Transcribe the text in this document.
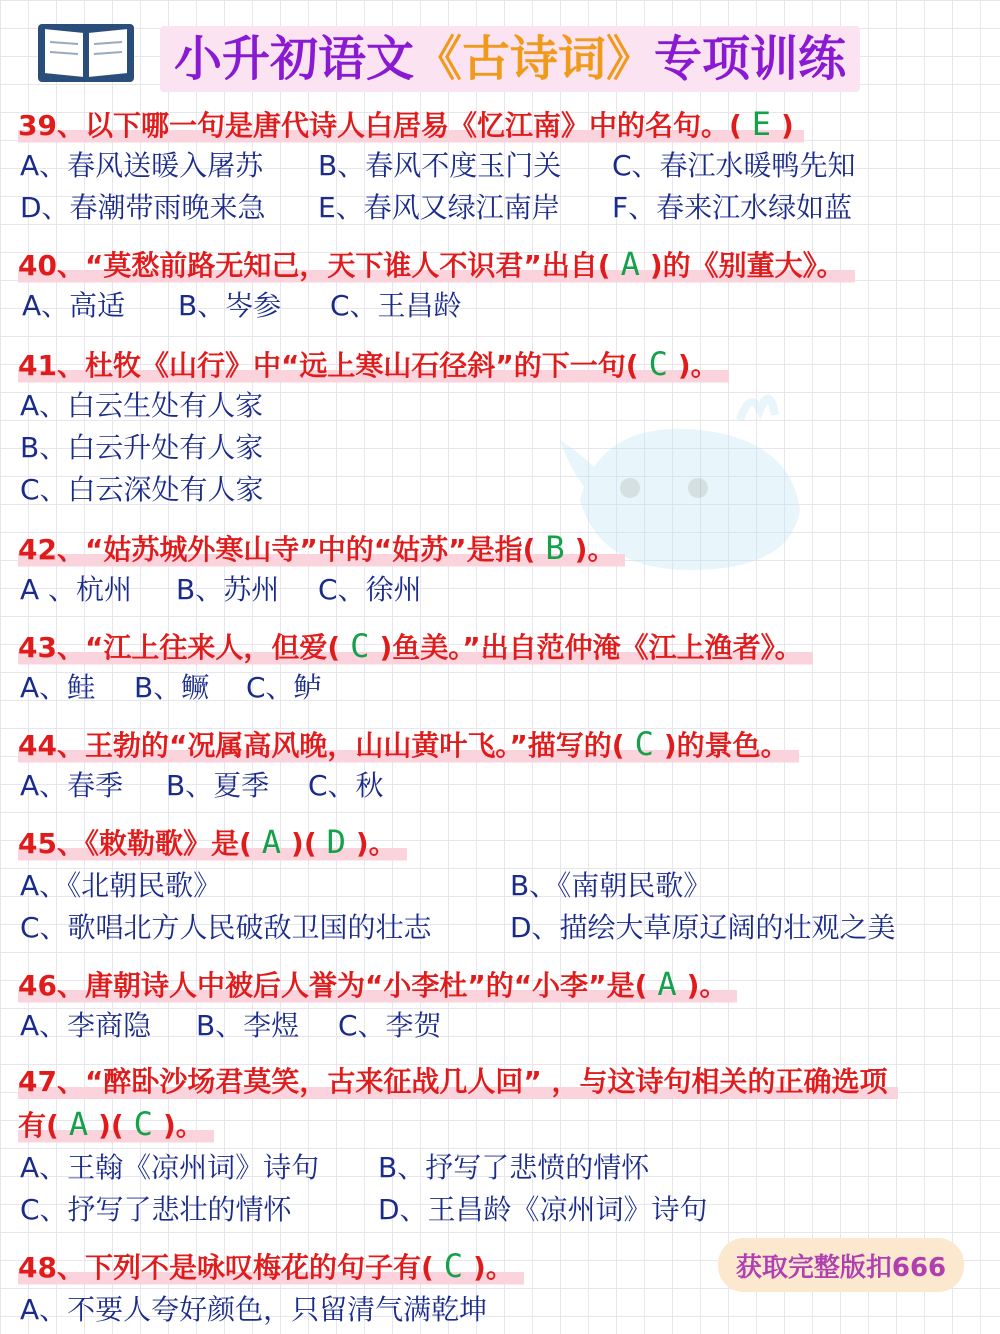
小升初语文 《古诗词》 专项训练
39、以下哪一句是唐代诗人白居易《忆江南》中的名句。( E )
A、春风送暖入屠苏 B、春风不度玉门关 C、春江水暖鸭先知
D、春潮带雨晚来急 E、春风又绿江南岸 F、春来江水绿如蓝
40、“莫愁前路无知己，天下谁人不识君”出自( A )的《别董大》。
A、高适 B、岑参 C、王昌龄
41、杜牧《山行》中“远上寒山石径斜”的下一句( C )。
A、白云生处有人家
B、白云升处有人家
C、白云深处有人家
42、“姑苏城外寒山寺”中的“姑苏”是指( B )。
A 、杭州 B、苏州 C、徐州
43、“江上往来人，但爱( C )鱼美。”出自范仲淹《江上渔者》。
A、鲑 B、鳜 C、鲈
44、王勃的“况属高风晚，山山黄叶飞。”描写的( C )的景色。
A、春季 B、夏季 C、秋
45、《敕勒歌》是( A )( D )。
A、《北朝民歌》	B、《南朝民歌》
C、歌唱北方人民破敌卫国的壮志	D、描绘大草原辽阔的壮观之美
46、唐朝诗人中被后人誉为“小李杜”的“小李”是( A )。
A、李商隐 B、李煜 C、李贺
47、“醉卧沙场君莫笑，古来征战几人回” ，与这诗句相关的正确选项
有( A )( C )。
A、王翰《凉州词》诗句 B、抒写了悲愤的情怀
C、抒写了悲壮的情怀	D、王昌龄《凉州词》诗句
48、下列不是咏叹梅花的句子有( C )。
A、不要人夸好颜色，只留清气满乾坤
获取完整版扣666
